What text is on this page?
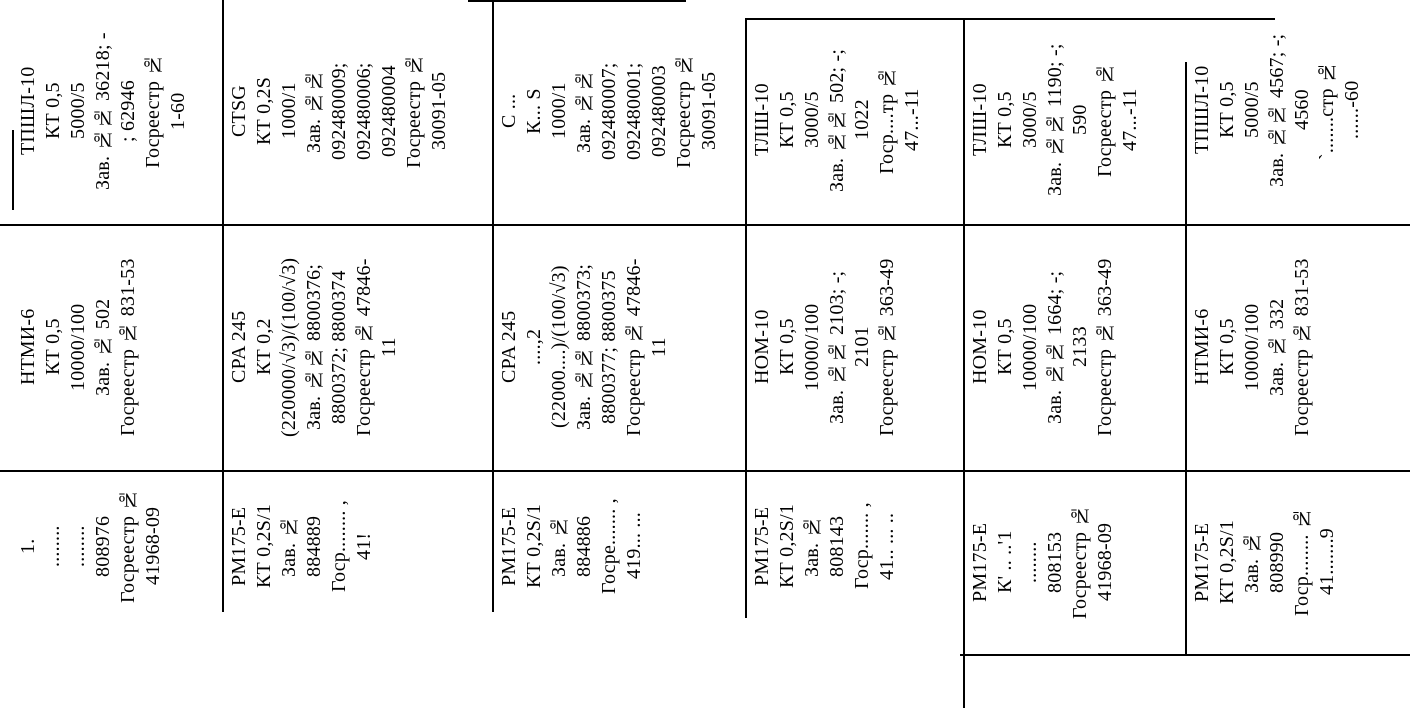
ТПШЛ-10 КТ 0,5 5000/5 Зав. №№ 4567; -; 4560 `.......стр № ......-60
НТМИ-6 КТ 0,5 10000/100 Зав. № 332 Госреестр № 831-53
РМ175-Е КТ 0,2S/1 Зав. № 808990 Госр........ № 41.......9
ТЛШ-10 КТ 0,5 3000/5 Зав. №№ 1190; -; 590 Госреестр № 47...-11
НОМ-10 КТ 0,5 10000/100 Зав. №№ 1664; -; 2133 Госреестр № 363-49
РМ175-Е К' .. ..'1 ........ 808153 Госреестр № 41968-09
ТЛШ-10 КТ 0,5 3000/5 Зав. №№ 502; -; 1022 Госр....тр № 47...-11
НОМ-10 КТ 0,5 10000/100 Зав. №№ 2103; -; 2101 Госреестр № 363-49
РМ175-Е КТ 0,2S/1 Зав. № 808143 Госр....... , 41.. ... ..
С ... К... S 1000/1 Зав. №№ 092480007; 092480001; 092480003 Госреестр № 30091-05
CPA 245 ....,2 (22000....)/(100/√3) Зав. №№ 8800373; 8800377; 8800375 Госреестр № 47846- 11
РМ175-Е КТ 0,2S/1 Зав. № 884886 Госре....... , 419... ...
CTSG КТ 0,2S 1000/1 Зав. №№ 092480009; 092480006; 092480004 Госреестр № 30091-05
CPA 245 КТ 0,2 (220000/√3)/(100/√3) Зав. №№ 8800376; 8800372; 8800374 Госреестр № 47846- 11
РМ175-Е КТ 0,2S/1 Зав. № 884889 Госр........ , 41!
ТПШЛ-10 КТ 0,5 5000/5 Зав. №№ 36218; - ; 62946 Госреестр № 1-60
НТМИ-6 КТ 0,5 10000/100 Зав. № 502 Госреестр № 831-53
1. ........ ........ 808976 Госреестр № 41968-09
